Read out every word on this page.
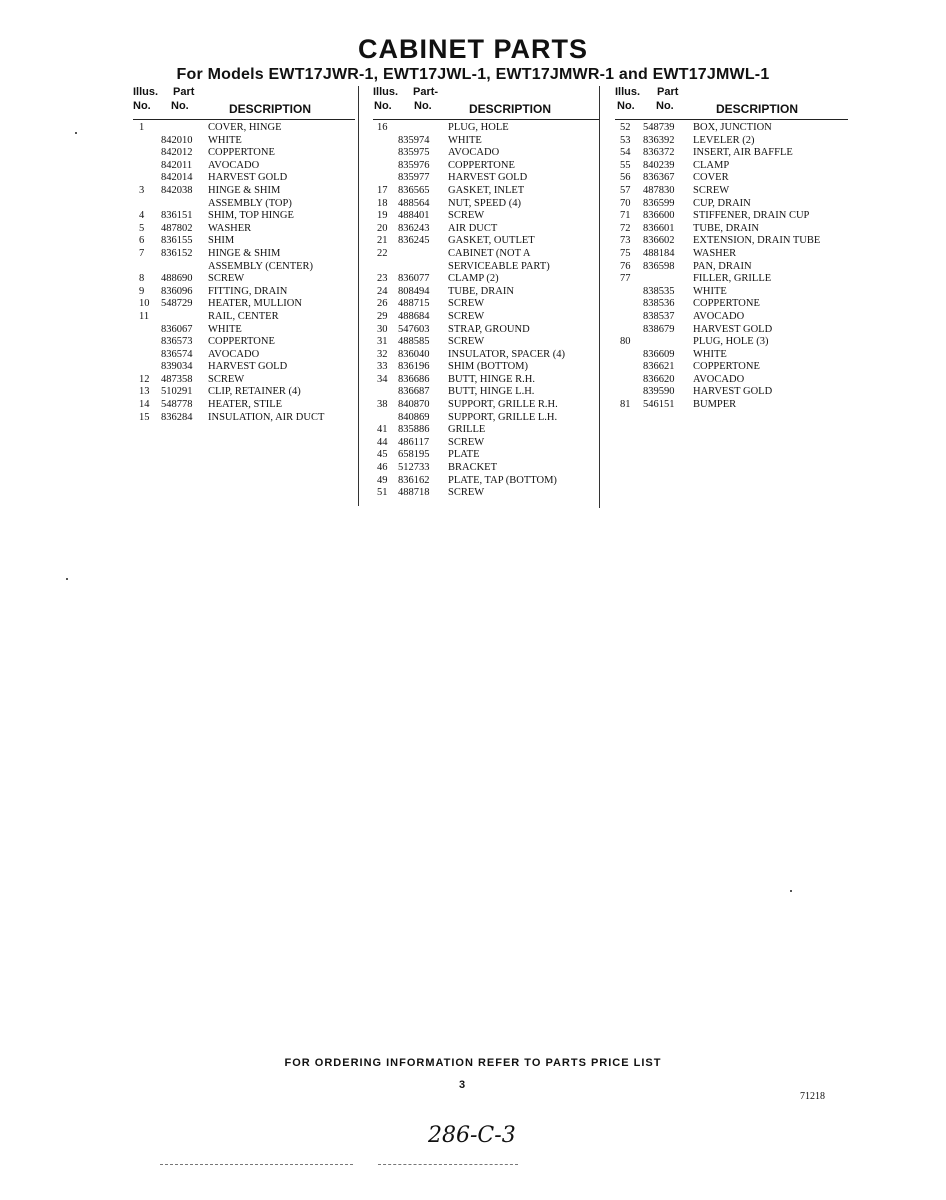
CABINET PARTS
For Models EWT17JWR-1, EWT17JWL-1, EWT17JMWR-1 and EWT17JMWL-1
Illus. Part
No. No.	DESCRIPTION
1	COVER, HINGE
842010 WHITE
842012 COPPERTONE
842011 AVOCADO
842014 HARVEST GOLD
3 842038 HINGE & SHIM
ASSEMBLY (TOP)
4 836151 SHIM, TOP HINGE
5 487802 WASHER
6 836155 SHIM
7 836152 HINGE & SHIM
ASSEMBLY (CENTER)
8 488690 SCREW
9 836096 FITTING, DRAIN
10 548729 HEATER, MULLION
11	RAIL, CENTER
836067 WHITE
836573 COPPERTONE
836574 AVOCADO
839034 HARVEST GOLD
12 487358 SCREW
13 510291 CLIP, RETAINER (4)
14 548778 HEATER, STILE
15 836284 INSULATION, AIR DUCT
Illus. Part-
No. No.	DESCRIPTION
16	PLUG, HOLE
835974 WHITE
835975 AVOCADO
835976 COPPERTONE
835977 HARVEST GOLD
17 836565 GASKET, INLET
18 488564 NUT, SPEED (4)
19 488401 SCREW
20 836243 AIR DUCT
21 836245 GASKET, OUTLET
22	CABINET (NOT A
SERVICEABLE PART)
23 836077 CLAMP (2)
24 808494 TUBE, DRAIN
26 488715 SCREW
29 488684 SCREW
30 547603 STRAP, GROUND
31 488585 SCREW
32 836040 INSULATOR, SPACER (4)
33 836196 SHIM (BOTTOM)
34 836686 BUTT, HINGE R.H.
836687 BUTT, HINGE L.H.
38 840870 SUPPORT, GRILLE R.H.
840869 SUPPORT, GRILLE L.H.
41 835886 GRILLE
44 486117 SCREW
45 658195 PLATE
46 512733 BRACKET
49 836162 PLATE, TAP (BOTTOM)
51 488718 SCREW
Illus. Part
No. No.	DESCRIPTION
52 548739 BOX, JUNCTION
53 836392 LEVELER (2)
54 836372 INSERT, AIR BAFFLE
55 840239 CLAMP
56 836367 COVER
57 487830 SCREW
70 836599 CUP, DRAIN
71 836600 STIFFENER, DRAIN CUP
72 836601 TUBE, DRAIN
73 836602 EXTENSION, DRAIN TUBE
75 488184 WASHER
76 836598 PAN, DRAIN
77	FILLER, GRILLE
838535 WHITE
838536 COPPERTONE
838537 AVOCADO
838679 HARVEST GOLD
80	PLUG, HOLE (3)
836609 WHITE
836621 COPPERTONE
836620 AVOCADO
839590 HARVEST GOLD
81 546151 BUMPER
FOR ORDERING INFORMATION REFER TO PARTS PRICE LIST
3
71218
286-C-3
